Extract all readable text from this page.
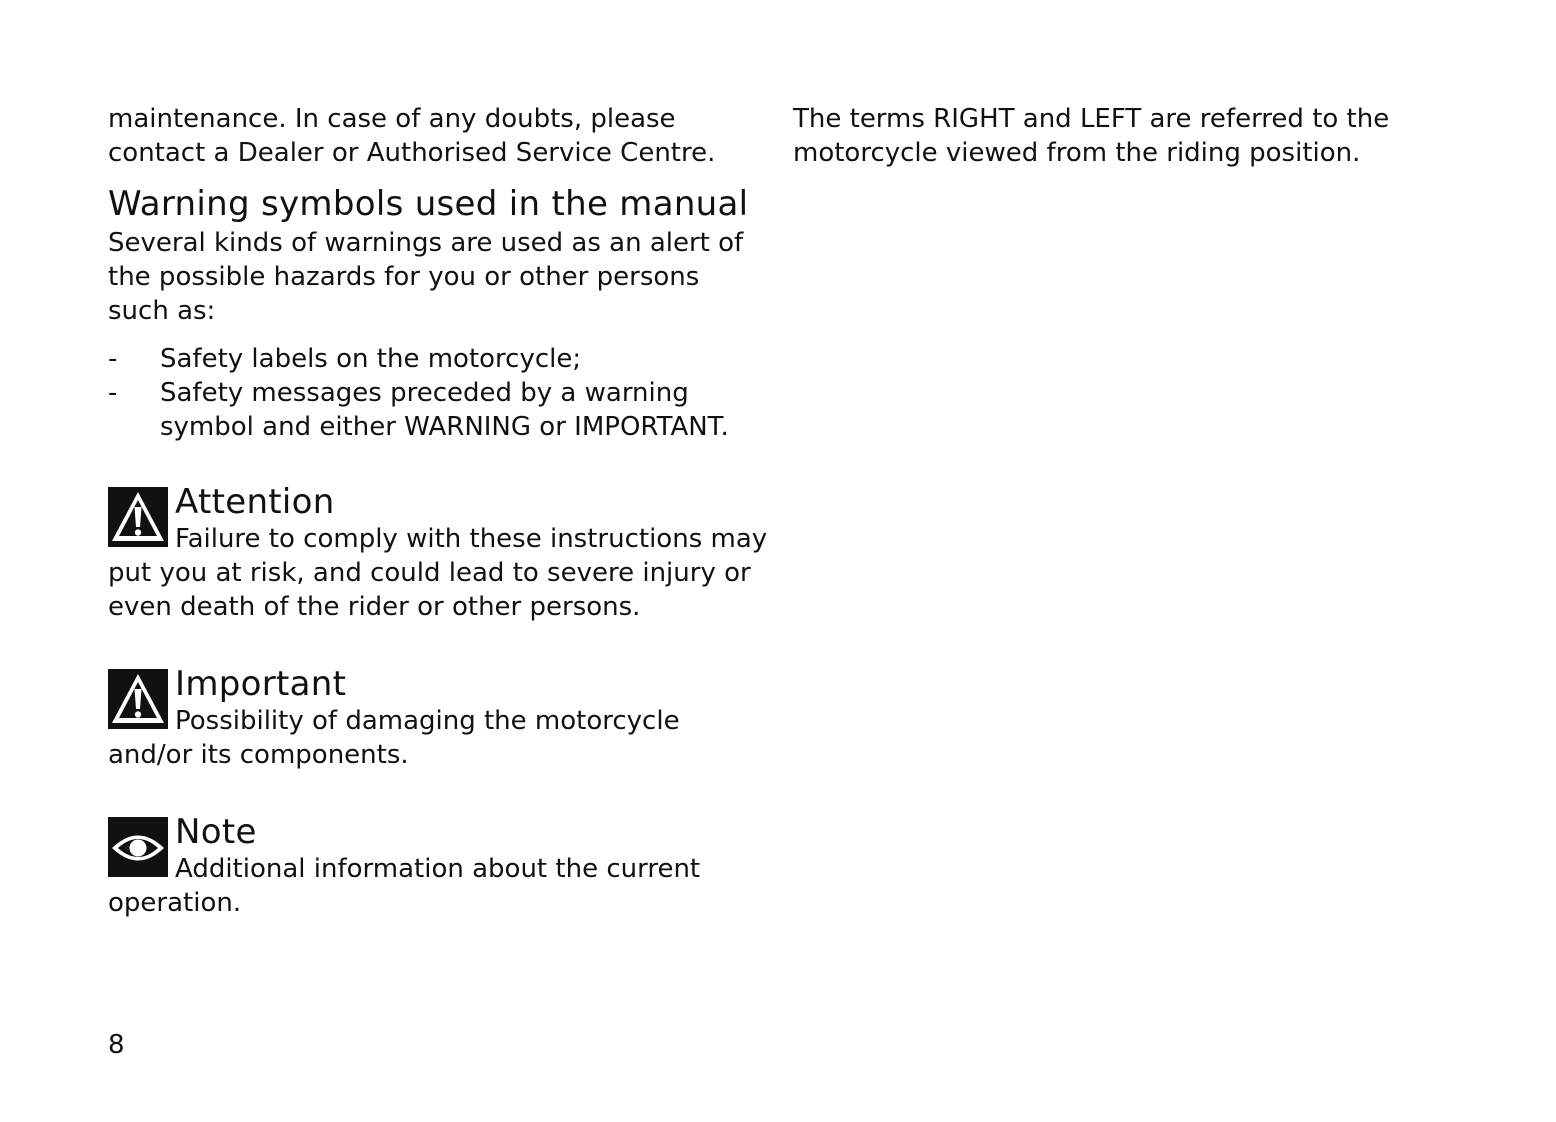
maintenance. In case of any doubts, please contact a Dealer or Authorised Service Centre.

Warning symbols used in the manual

Several kinds of warnings are used as an alert of the possible hazards for you or other persons such as:

- Safety labels on the motorcycle;
- Safety messages preceded by a warning symbol and either WARNING or IMPORTANT.
Attention

Failure to comply with these instructions may put you at risk, and could lead to severe injury or even death of the rider or other persons.

Important

Possibility of damaging the motorcycle and/or its components.

Note

Additional information about the current operation.

The terms RIGHT and LEFT are referred to the motorcycle viewed from the riding position.

8
